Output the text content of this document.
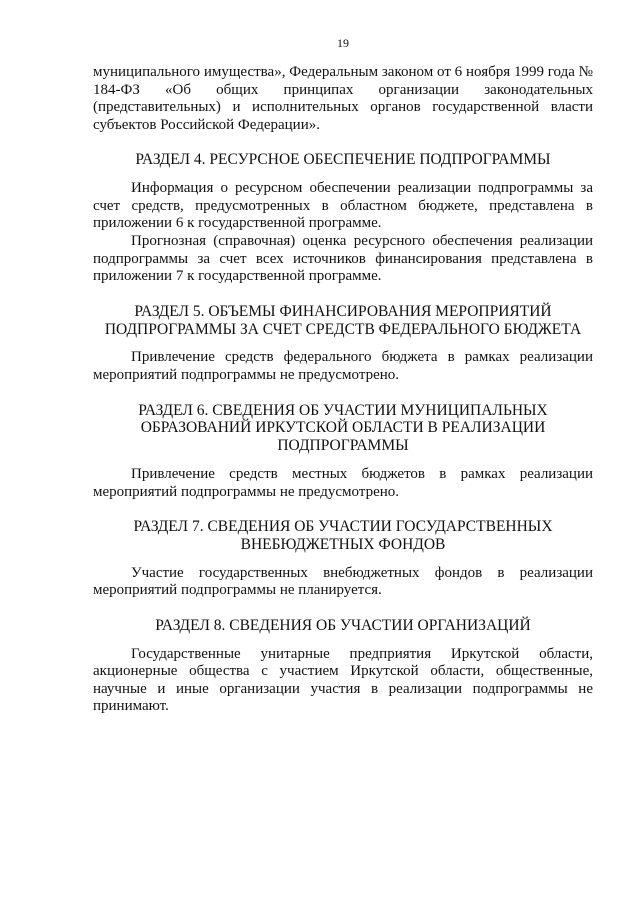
19

муниципального имущества», Федеральным законом от 6 ноября 1999 года № 184-ФЗ «Об общих принципах организации законодательных (представительных) и исполнительных органов государственной власти субъектов Российской Федерации».

РАЗДЕЛ 4. РЕСУРСНОЕ ОБЕСПЕЧЕНИЕ ПОДПРОГРАММЫ

Информация о ресурсном обеспечении реализации подпрограммы за счет средств, предусмотренных в областном бюджете, представлена в приложении 6 к государственной программе.

Прогнозная (справочная) оценка ресурсного обеспечения реализации подпрограммы за счет всех источников финансирования представлена в приложении 7 к государственной программе.

РАЗДЕЛ 5. ОБЪЕМЫ ФИНАНСИРОВАНИЯ МЕРОПРИЯТИЙ ПОДПРОГРАММЫ ЗА СЧЕТ СРЕДСТВ ФЕДЕРАЛЬНОГО БЮДЖЕТА

Привлечение средств федерального бюджета в рамках реализации мероприятий подпрограммы не предусмотрено.

РАЗДЕЛ 6. СВЕДЕНИЯ ОБ УЧАСТИИ МУНИЦИПАЛЬНЫХ ОБРАЗОВАНИЙ ИРКУТСКОЙ ОБЛАСТИ В РЕАЛИЗАЦИИ ПОДПРОГРАММЫ

Привлечение средств местных бюджетов в рамках реализации мероприятий подпрограммы не предусмотрено.

РАЗДЕЛ 7. СВЕДЕНИЯ ОБ УЧАСТИИ ГОСУДАРСТВЕННЫХ ВНЕБЮДЖЕТНЫХ ФОНДОВ

Участие государственных внебюджетных фондов в реализации мероприятий подпрограммы не планируется.

РАЗДЕЛ 8. СВЕДЕНИЯ ОБ УЧАСТИИ ОРГАНИЗАЦИЙ

Государственные унитарные предприятия Иркутской области, акционерные общества с участием Иркутской области, общественные, научные и иные организации участия в реализации подпрограммы не принимают.
